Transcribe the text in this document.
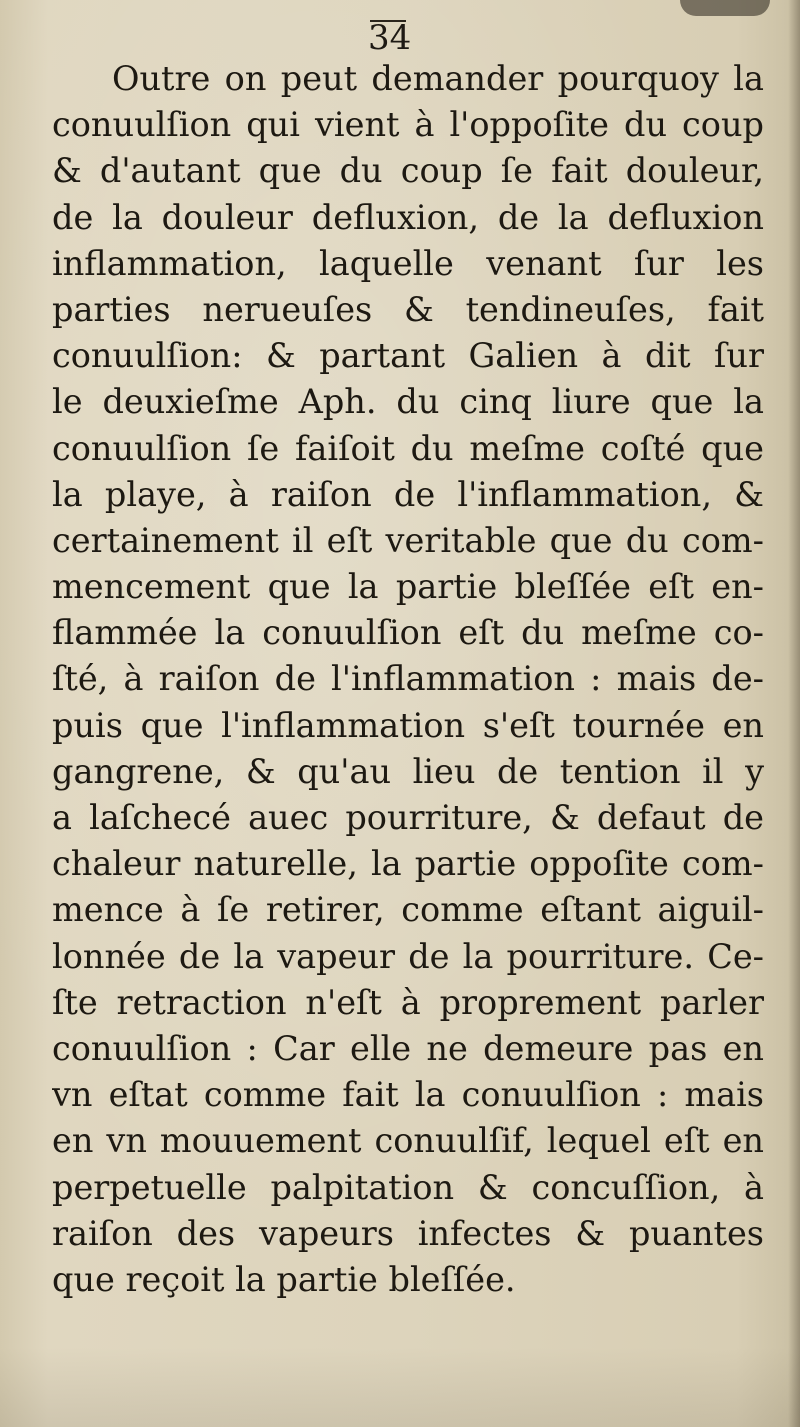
34
Outre on peut demander pourquoy la
conuulſion qui vient à l'oppoſite du coup
& d'autant que du coup ſe fait douleur,
de la douleur defluxion, de la defluxion
inflammation, laquelle venant ſur les
parties nerueuſes & tendineuſes, fait
conuulſion: & partant Galien à dit ſur
le deuxieſme Aph. du cinq liure que la
conuulſion ſe faiſoit du meſme coſté que
la playe, à raiſon de l'inflammation, &
certainement il eſt veritable que du com-
mencement que la partie bleſſée eſt en-
flammée la conuulſion eſt du meſme co-
ſté, à raiſon de l'inflammation : mais de-
puis que l'inflammation s'eſt tournée en
gangrene, & qu'au lieu de tention il y
a laſchecé auec pourriture, & defaut de
chaleur naturelle, la partie oppoſite com-
mence à ſe retirer, comme eſtant aiguil-
lonnée de la vapeur de la pourriture. Ce-
ſte retraction n'eſt à proprement parler
conuulſion : Car elle ne demeure pas en
vn eſtat comme fait la conuulſion : mais
en vn mouuement conuulſif, lequel eſt en
perpetuelle palpitation & concuſſion, à
raiſon des vapeurs infectes & puantes
que reçoit la partie bleſſée.
